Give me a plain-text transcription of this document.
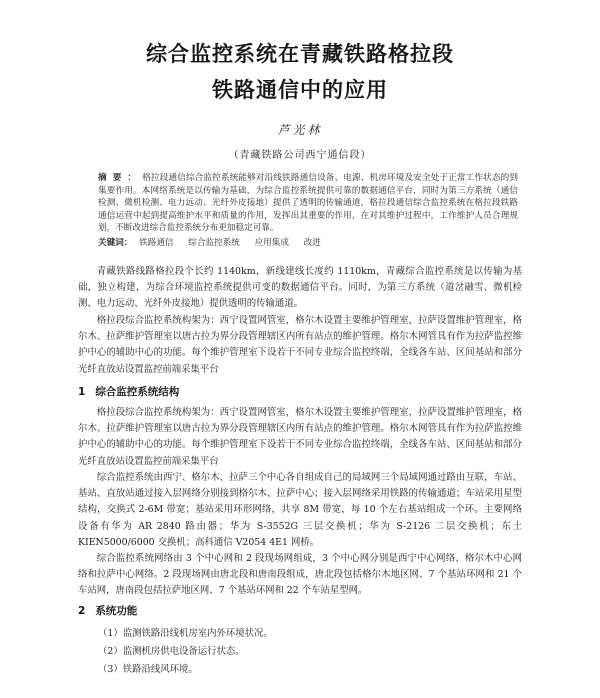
综合监控系统在青藏铁路格拉段
铁路通信中的应用
芦光林
（青藏铁路公司西宁通信段）
摘要：格拉段通信综合监控系统能够对沿线铁路通信设备、电源、机房环境及安全处于正常工作状态的到集要作用。本网络系统是以传输为基础，为综合监控系统提供可靠的数据通信平台，同时为第三方系统（通信检测、微机检测、电力远动、光纤外皮接地）提供了透明的传输通道，格拉段通信综合监控系统在格拉段铁路通信运营中起到提高维护水平和质量的作用，发挥出其重要的作用，在对其维护过程中，工作维护人员合理规划，不断改进综合监控系统分布更加稳定可靠。
关键词： 铁路通信 综合监控系统 应用集成 改进
青藏铁路线路格拉段个长约 1140km，新线建线长度约 1110km，青藏综合监控系统是以传输为基础，独立构建，为综合环境监控系统提供可变的数据通信平台。同时，为第三方系统（道岔融雪、微机检测、电力远动、光纤外皮接地）提供透明的传输通道。
格拉段综合监控系统构架为：西宁设置网管室，格尔木设置主要维护管理室，拉萨设置维护管理室，格尔木、拉萨维护管理室以唐古拉为界分段管理辖区内所有站点的维护管理。格尔木网管具有作为拉萨监控维护中心的辅助中心的功能。每个维护管理室下设若干不同专业综合监控终端，全线各车站、区间基站和部分光纤直放站设置监控前端采集平台
1 综合监控系统结构
格拉段综合监控系统构架为：西宁设置网管室，格尔木设置主要维护管理室，拉萨设置维护管理室，格尔木、拉萨维护管理室以唐古拉为界分段管理辖区内所有站点的维护管理。格尔木网管具有作为拉萨监控维护中心的辅助中心的功能。每个维护管理室下设若干不同专业综合监控终端，全线各车站、区间基站和部分光纤直放站设置监控前端采集平台
综合监控系统由西宁、格尔木、拉萨三个中心各自组成自己的局域网三个局域网通过路由互联，车站、基站、直放站通过接入层网络分别接到格尔木、拉萨中心；接入层网络采用铁路的传输通道；车站采用星型结构，交换式 2-6M 带宽；基站采用环形网络，共享 8M 带宽，每 10 个左右基站组成一个环。主要网络设备有华为 AR 2840 路由器；华为 S-3552G 三层交换机；华为 S-2126 二层交换机；东土 KIEN5000/6000 交换机；高科通信 V2054 4E1 网桥。
综合监控系统网络由 3 个中心网和 2 段现场网组成，3 个中心网分别是西宁中心网络、格尔木中心网络和拉萨中心网络。2 段现场网由唐北段和唐南段组成，唐北段包括格尔木地区网、7 个基站环网和 21 个车站网，唐南段包括拉萨地区网、7 个基站环网和 22 个车站星型网。
2 系统功能
（1）监测铁路沿线机房室内外环境状况。
（2）监测机房供电设备运行状态。
（3）铁路沿线风环境。
